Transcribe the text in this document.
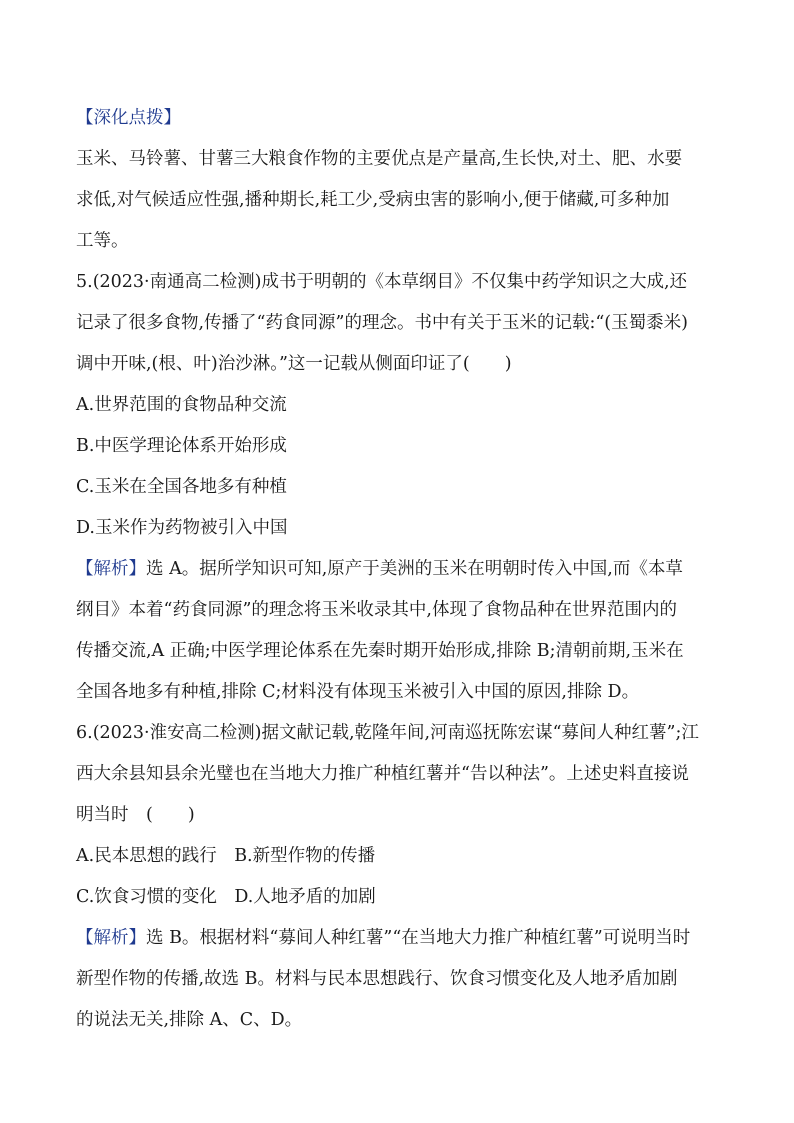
【深化点拨】
玉米、马铃薯、甘薯三大粮食作物的主要优点是产量高,生长快,对土、肥、水要
求低,对气候适应性强,播种期长,耗工少,受病虫害的影响小,便于储藏,可多种加
工等。
5.(2023·南通高二检测)成书于明朝的《本草纲目》不仅集中药学知识之大成,还
记录了很多食物,传播了“药食同源”的理念。书中有关于玉米的记载:“(玉蜀黍米)
调中开味,(根、叶)治沙淋。”这一记载从侧面印证了(　　)
A.世界范围的食物品种交流
B.中医学理论体系开始形成
C.玉米在全国各地多有种植
D.玉米作为药物被引入中国
【解析】选 A。据所学知识可知,原产于美洲的玉米在明朝时传入中国,而《本草
纲目》本着“药食同源”的理念将玉米收录其中,体现了食物品种在世界范围内的
传播交流,A 正确;中医学理论体系在先秦时期开始形成,排除 B;清朝前期,玉米在
全国各地多有种植,排除 C;材料没有体现玉米被引入中国的原因,排除 D。
6.(2023·淮安高二检测)据文献记载,乾隆年间,河南巡抚陈宏谋“募间人种红薯”;江
西大余县知县余光璧也在当地大力推广种植红薯并“告以种法”。上述史料直接说
明当时　(　　)
A.民本思想的践行　B.新型作物的传播
C.饮食习惯的变化　D.人地矛盾的加剧
【解析】选 B。根据材料“募间人种红薯”“在当地大力推广种植红薯”可说明当时
新型作物的传播,故选 B。材料与民本思想践行、饮食习惯变化及人地矛盾加剧
的说法无关,排除 A、C、D。
